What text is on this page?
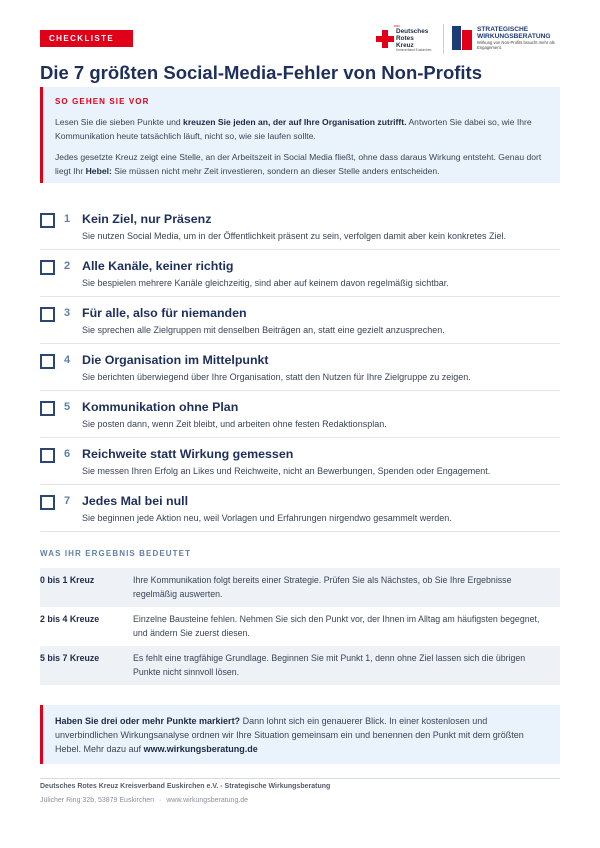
CHECKLISTE
DRK
Deutsches
Rotes
Kreuz
Kreisverband Euskirchen
STRATEGISCHE
WIRKUNGSBERATUNG
Wirkung von Non-Profits braucht mehr als Engagement.
Die 7 größten Social-Media-Fehler von Non-Profits
SO GEHEN SIE VOR

Lesen Sie die sieben Punkte und kreuzen Sie jeden an, der auf Ihre Organisation zutrifft. Antworten Sie dabei so, wie Ihre Kommunikation heute tatsächlich läuft, nicht so, wie sie laufen sollte.

Jedes gesetzte Kreuz zeigt eine Stelle, an der Arbeitszeit in Social Media fließt, ohne dass daraus Wirkung entsteht. Genau dort liegt Ihr Hebel: Sie müssen nicht mehr Zeit investieren, sondern an dieser Stelle anders entscheiden.

1 Kein Ziel, nur Präsenz
Sie nutzen Social Media, um in der Öffentlichkeit präsent zu sein, verfolgen damit aber kein konkretes Ziel.
2 Alle Kanäle, keiner richtig
Sie bespielen mehrere Kanäle gleichzeitig, sind aber auf keinem davon regelmäßig sichtbar.
3 Für alle, also für niemanden
Sie sprechen alle Zielgruppen mit denselben Beiträgen an, statt eine gezielt anzusprechen.
4 Die Organisation im Mittelpunkt
Sie berichten überwiegend über Ihre Organisation, statt den Nutzen für Ihre Zielgruppe zu zeigen.
5 Kommunikation ohne Plan
Sie posten dann, wenn Zeit bleibt, und arbeiten ohne festen Redaktionsplan.
6 Reichweite statt Wirkung gemessen
Sie messen Ihren Erfolg an Likes und Reichweite, nicht an Bewerbungen, Spenden oder Engagement.
7 Jedes Mal bei null
Sie beginnen jede Aktion neu, weil Vorlagen und Erfahrungen nirgendwo gesammelt werden.
WAS IHR ERGEBNIS BEDEUTET
0 bis 1 Kreuz	Ihre Kommunikation folgt bereits einer Strategie. Prüfen Sie als Nächstes, ob Sie Ihre Ergebnisse regelmäßig auswerten.
2 bis 4 Kreuze	Einzelne Bausteine fehlen. Nehmen Sie sich den Punkt vor, der Ihnen im Alltag am häufigsten begegnet, und ändern Sie zuerst diesen.
5 bis 7 Kreuze	Es fehlt eine tragfähige Grundlage. Beginnen Sie mit Punkt 1, denn ohne Ziel lassen sich die übrigen Punkte nicht sinnvoll lösen.
Haben Sie drei oder mehr Punkte markiert? Dann lohnt sich ein genauerer Blick. In einer kostenlosen und unverbindlichen Wirkungsanalyse ordnen wir Ihre Situation gemeinsam ein und benennen den Punkt mit dem größten Hebel. Mehr dazu auf www.wirkungsberatung.de
Deutsches Rotes Kreuz Kreisverband Euskirchen e.V. - Strategische Wirkungsberatung
Jülicher Ring 32b, 53879 Euskirchen · www.wirkungsberatung.de
